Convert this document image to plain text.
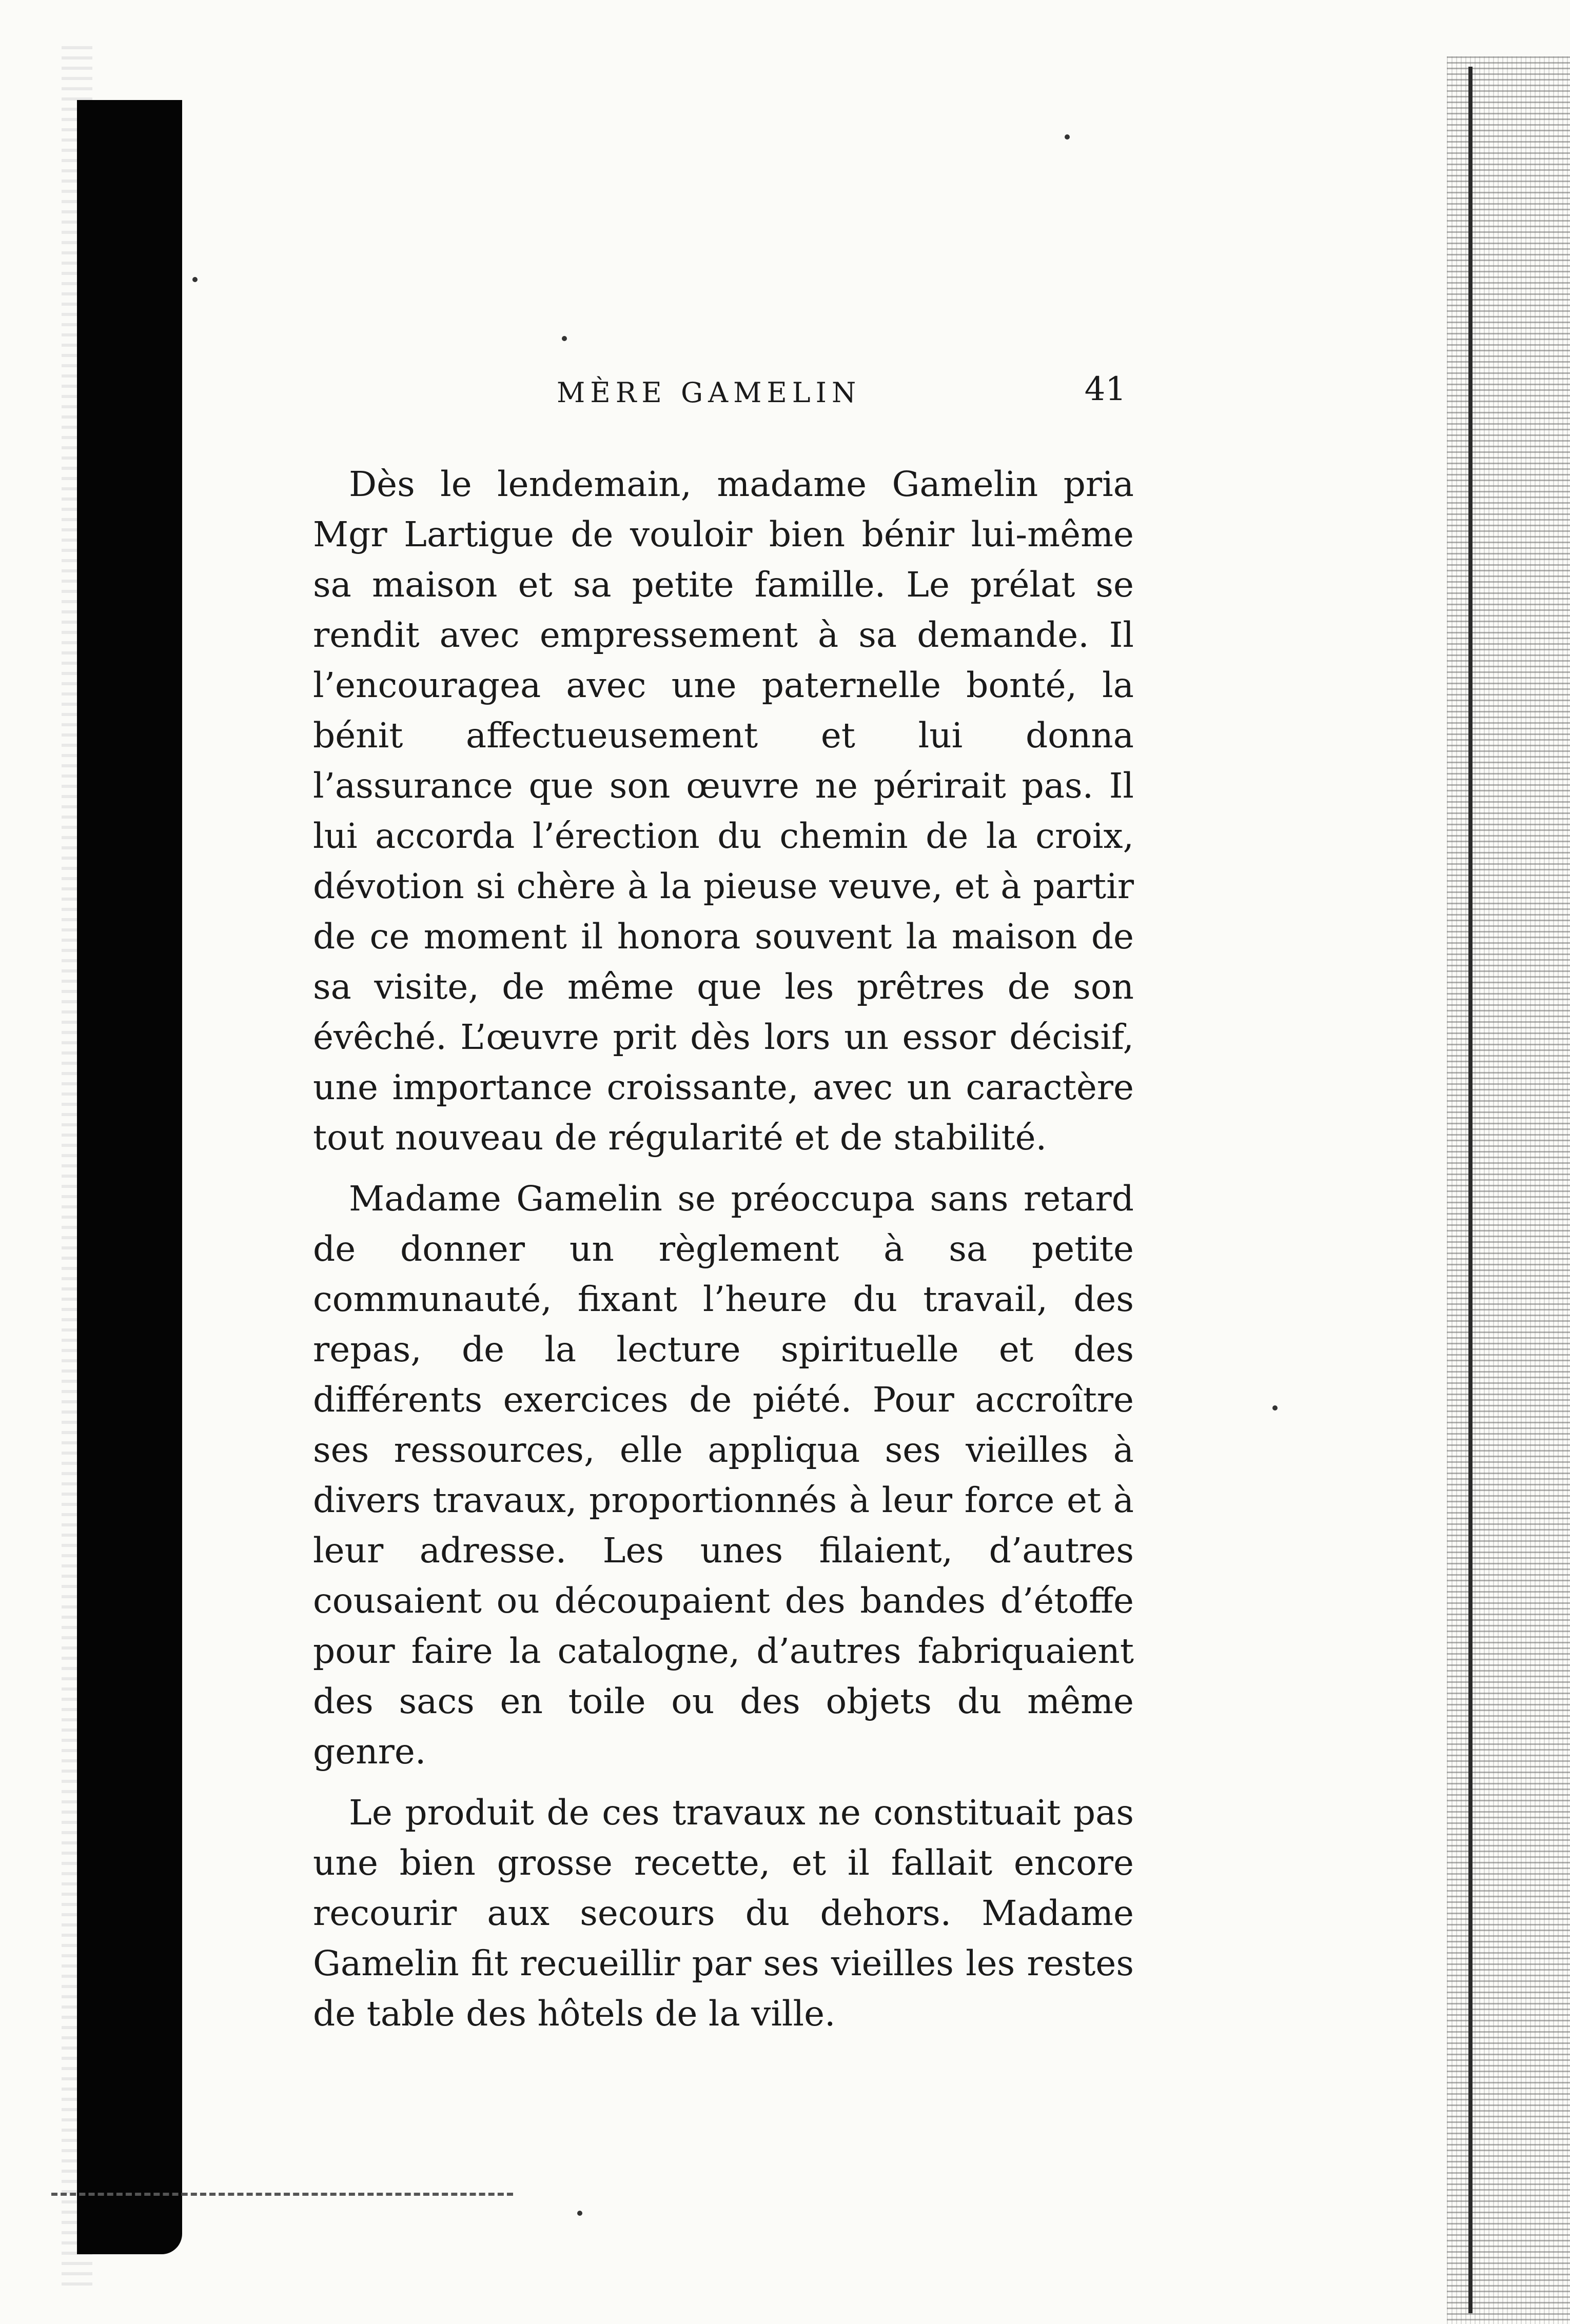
MÈRE GAMELIN	41

Dès le lendemain, madame Gamelin pria Mgr Lartigue de vouloir bien bénir lui-même sa maison et sa petite famille. Le prélat se rendit avec empressement à sa demande. Il l’encouragea avec une paternelle bonté, la bénit affectueusement et lui donna l’assurance que son œuvre ne périrait pas. Il lui accorda l’érection du chemin de la croix, dévotion si chère à la pieuse veuve, et à partir de ce moment il honora souvent la maison de sa visite, de même que les prêtres de son évêché. L’œuvre prit dès lors un essor décisif, une importance croissante, avec un caractère tout nouveau de régularité et de stabilité.

Madame Gamelin se préoccupa sans retard de donner un règlement à sa petite communauté, fixant l’heure du travail, des repas, de la lecture spirituelle et des différents exercices de piété. Pour accroître ses ressources, elle appliqua ses vieilles à divers travaux, proportionnés à leur force et à leur adresse. Les unes filaient, d’autres cousaient ou découpaient des bandes d’étoffe pour faire la catalogne, d’autres fabriquaient des sacs en toile ou des objets du même genre.

Le produit de ces travaux ne constituait pas une bien grosse recette, et il fallait encore recourir aux secours du dehors. Madame Gamelin fit recueillir par ses vieilles les restes de table des hôtels de la ville.
